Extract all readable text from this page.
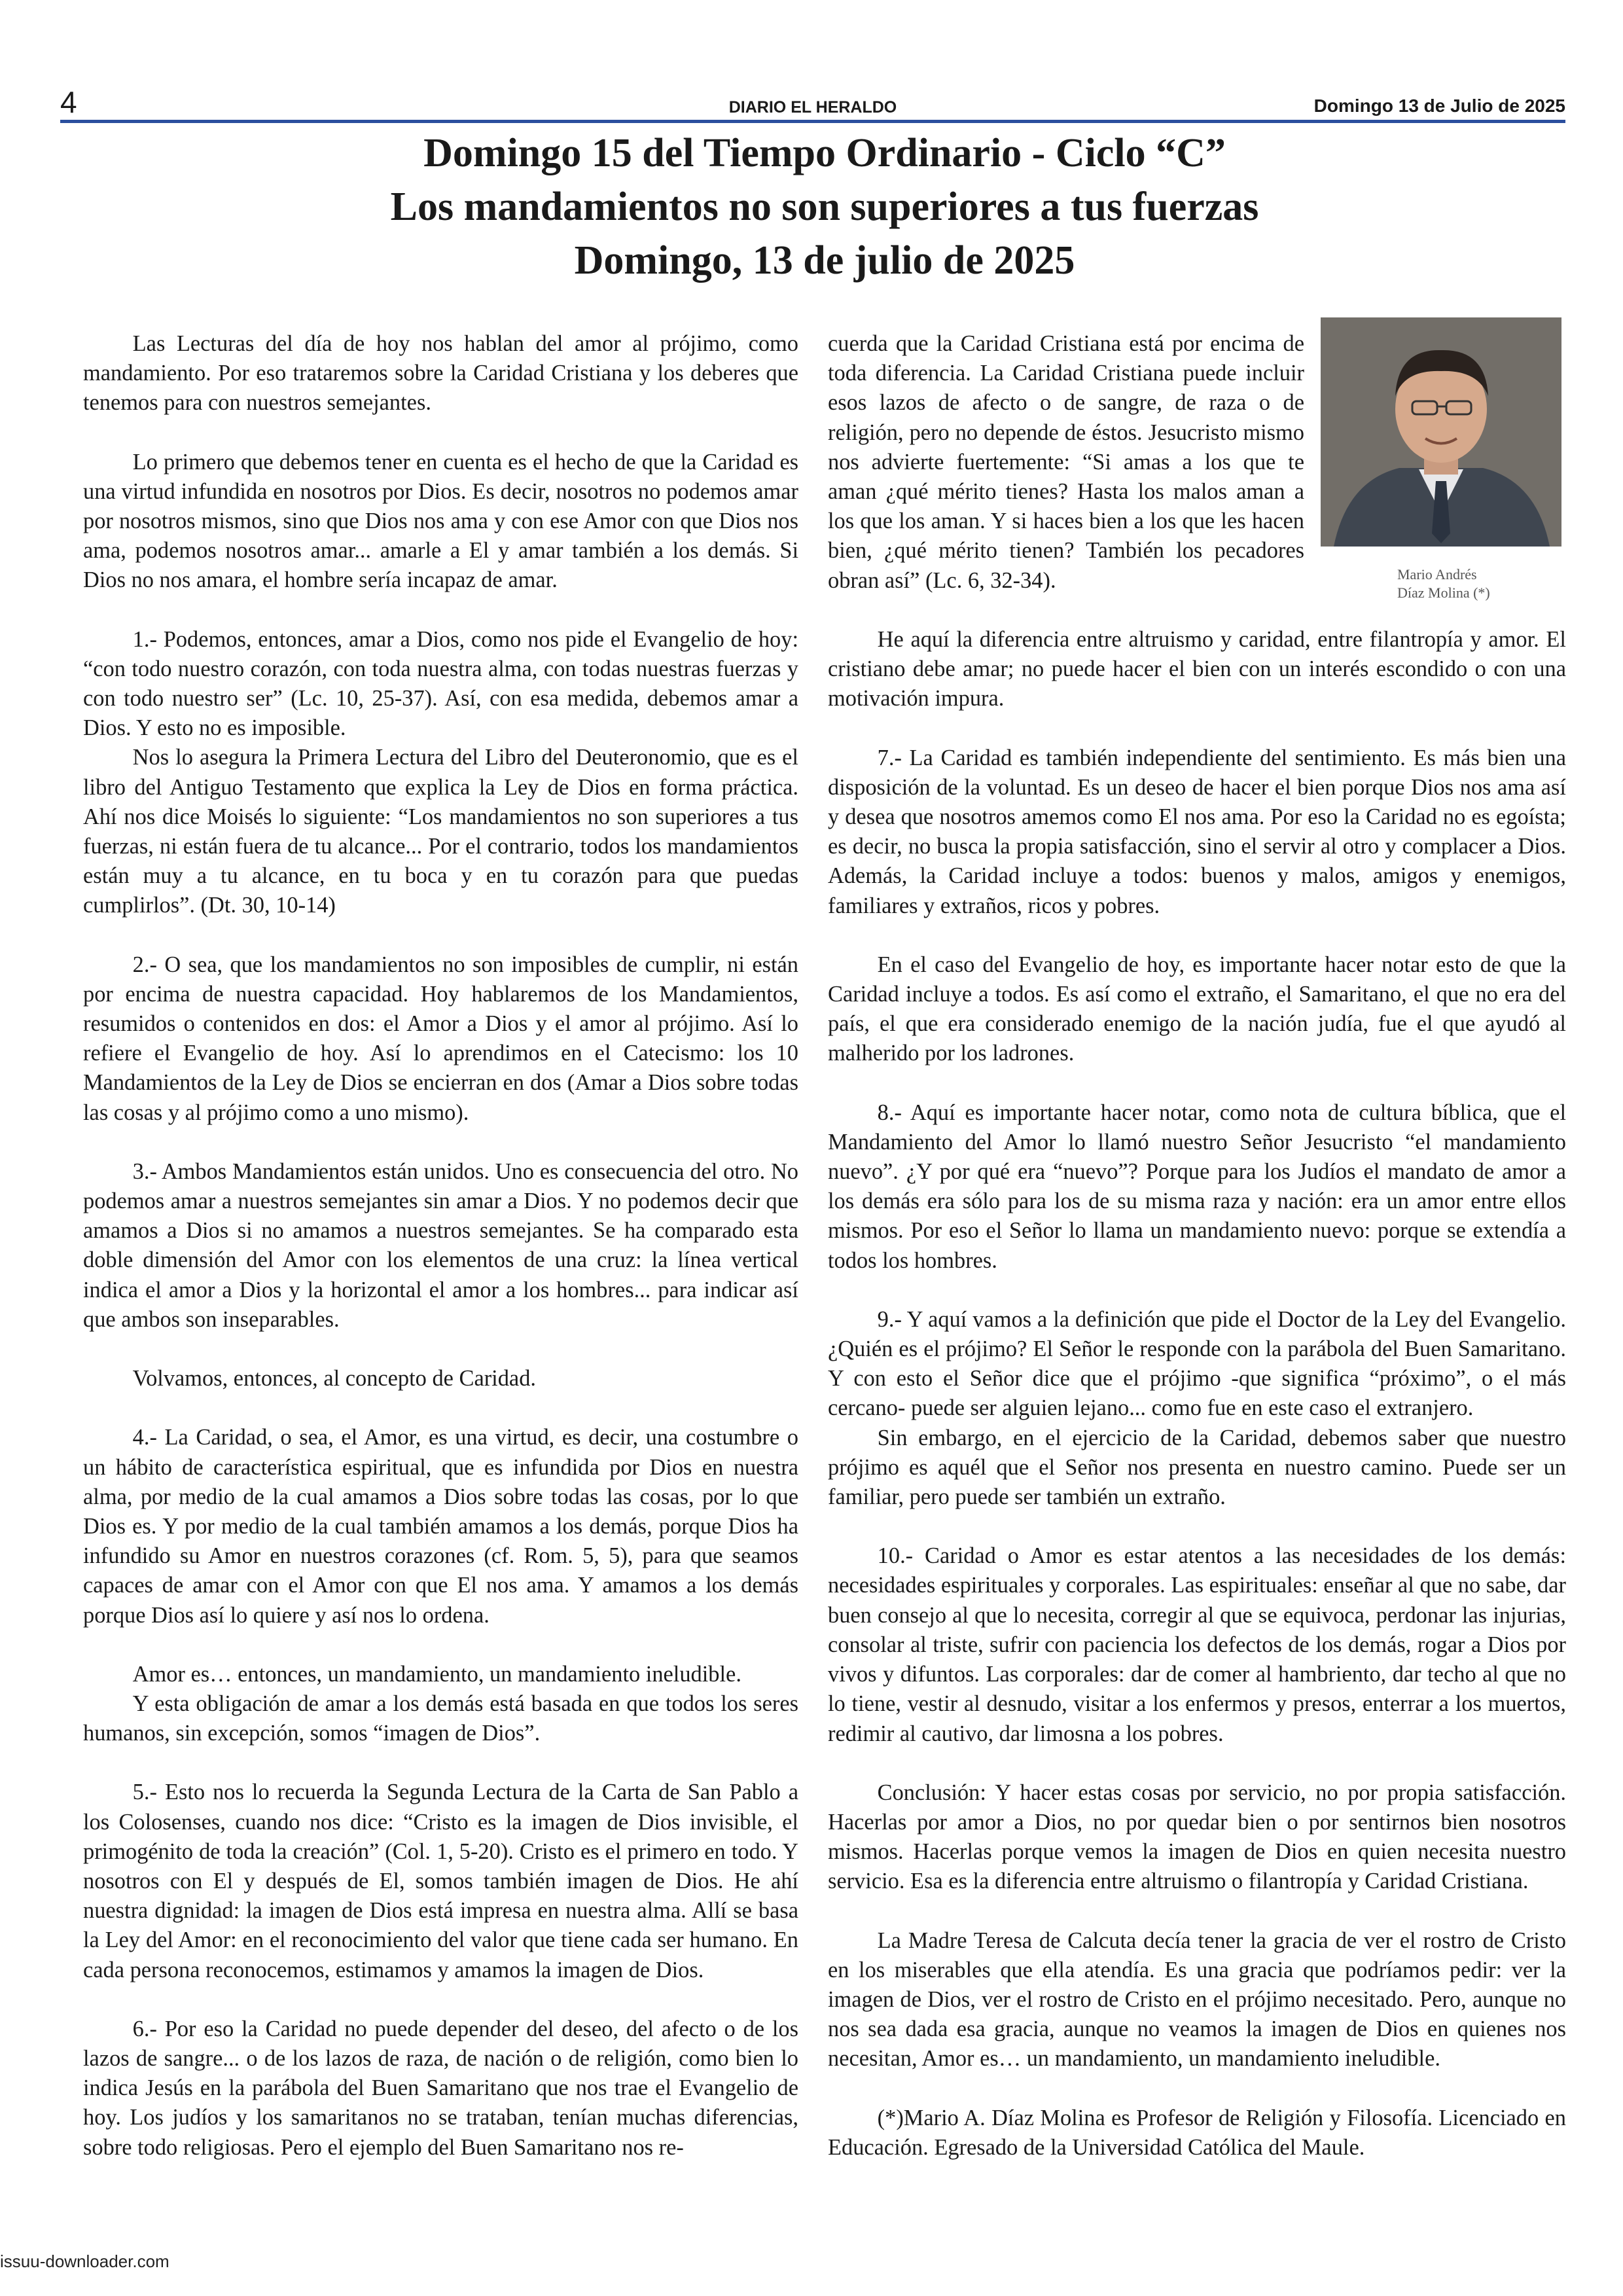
4	DIARIO EL HERALDO	Domingo 13 de Julio de 2025
Domingo 15 del Tiempo Ordinario - Ciclo “C”
Los mandamientos no son superiores a tus fuerzas
Domingo, 13 de julio de 2025

Las Lecturas del día de hoy nos hablan del amor al prójimo, como mandamiento. Por eso trataremos sobre la Caridad Cristiana y los deberes que tenemos para con nuestros semejantes.

Lo primero que debemos tener en cuenta es el hecho de que la Caridad es una virtud infundida en nosotros por Dios. Es decir, nosotros no podemos amar por nosotros mismos, sino que Dios nos ama y con ese Amor con que Dios nos ama, podemos nosotros amar... amarle a El y amar también a los demás. Si Dios no nos amara, el hombre sería incapaz de amar.

1.- Podemos, entonces, amar a Dios, como nos pide el Evangelio de hoy: “con todo nuestro corazón, con toda nuestra alma, con todas nuestras fuerzas y con todo nuestro ser” (Lc. 10, 25-37). Así, con esa medida, debemos amar a Dios. Y esto no es imposible.

Nos lo asegura la Primera Lectura del Libro del Deuteronomio, que es el libro del Antiguo Testamento que explica la Ley de Dios en forma práctica. Ahí nos dice Moisés lo siguiente: “Los mandamientos no son superiores a tus fuerzas, ni están fuera de tu alcance... Por el contrario, todos los mandamientos están muy a tu alcance, en tu boca y en tu corazón para que puedas cumplirlos”. (Dt. 30, 10-14)

2.- O sea, que los mandamientos no son imposibles de cumplir, ni están por encima de nuestra capacidad. Hoy hablaremos de los Mandamientos, resumidos o contenidos en dos: el Amor a Dios y el amor al prójimo. Así lo refiere el Evangelio de hoy. Así lo aprendimos en el Catecismo: los 10 Mandamientos de la Ley de Dios se encierran en dos (Amar a Dios sobre todas las cosas y al prójimo como a uno mismo).

3.- Ambos Mandamientos están unidos. Uno es consecuencia del otro. No podemos amar a nuestros semejantes sin amar a Dios. Y no podemos decir que amamos a Dios si no amamos a nuestros semejantes. Se ha comparado esta doble dimensión del Amor con los elementos de una cruz: la línea vertical indica el amor a Dios y la horizontal el amor a los hombres... para indicar así que ambos son inseparables.

Volvamos, entonces, al concepto de Caridad.

4.- La Caridad, o sea, el Amor, es una virtud, es decir, una costumbre o un hábito de característica espiritual, que es infundida por Dios en nuestra alma, por medio de la cual amamos a Dios sobre todas las cosas, por lo que Dios es. Y por medio de la cual también amamos a los demás, porque Dios ha infundido su Amor en nuestros corazones (cf. Rom. 5, 5), para que seamos capaces de amar con el Amor con que El nos ama. Y amamos a los demás porque Dios así lo quiere y así nos lo ordena.

Amor es… entonces, un mandamiento, un mandamiento ineludible.

Y esta obligación de amar a los demás está basada en que todos los seres humanos, sin excepción, somos “imagen de Dios”.

5.- Esto nos lo recuerda la Segunda Lectura de la Carta de San Pablo a los Colosenses, cuando nos dice: “Cristo es la imagen de Dios invisible, el primogénito de toda la creación” (Col. 1, 5-20). Cristo es el primero en todo. Y nosotros con El y después de El, somos también imagen de Dios. He ahí nuestra dignidad: la imagen de Dios está impresa en nuestra alma. Allí se basa la Ley del Amor: en el reconocimiento del valor que tiene cada ser humano. En cada persona reconocemos, estimamos y amamos la imagen de Dios.

6.- Por eso la Caridad no puede depender del deseo, del afecto o de los lazos de sangre... o de los lazos de raza, de nación o de religión, como bien lo indica Jesús en la parábola del Buen Samaritano que nos trae el Evangelio de hoy. Los judíos y los samaritanos no se trataban, tenían muchas diferencias, sobre todo religiosas. Pero el ejemplo del Buen Samaritano nos re-

cuerda que la Caridad Cristiana está por encima de toda diferencia. La Caridad Cristiana puede incluir esos lazos de afecto o de sangre, de raza o de religión, pero no depende de éstos. Jesucristo mismo nos advierte fuertemente: “Si amas a los que te aman ¿qué mérito tienes? Hasta los malos aman a los que los aman. Y si haces bien a los que les hacen bien, ¿qué mérito tienen? También los pecadores obran así” (Lc. 6, 32-34).	Mario Andrés
Díaz Molina (*)

He aquí la diferencia entre altruismo y caridad, entre filantropía y amor. El cristiano debe amar; no puede hacer el bien con un interés escondido o con una motivación impura.

7.- La Caridad es también independiente del sentimiento. Es más bien una disposición de la voluntad. Es un deseo de hacer el bien porque Dios nos ama así y desea que nosotros amemos como El nos ama. Por eso la Caridad no es egoísta; es decir, no busca la propia satisfacción, sino el servir al otro y complacer a Dios. Además, la Caridad incluye a todos: buenos y malos, amigos y enemigos, familiares y extraños, ricos y pobres.

En el caso del Evangelio de hoy, es importante hacer notar esto de que la Caridad incluye a todos. Es así como el extraño, el Samaritano, el que no era del país, el que era considerado enemigo de la nación judía, fue el que ayudó al malherido por los ladrones.

8.- Aquí es importante hacer notar, como nota de cultura bíblica, que el Mandamiento del Amor lo llamó nuestro Señor Jesucristo “el mandamiento nuevo”. ¿Y por qué era “nuevo”? Porque para los Judíos el mandato de amor a los demás era sólo para los de su misma raza y nación: era un amor entre ellos mismos. Por eso el Señor lo llama un mandamiento nuevo: porque se extendía a todos los hombres.

9.- Y aquí vamos a la definición que pide el Doctor de la Ley del Evangelio. ¿Quién es el prójimo? El Señor le responde con la parábola del Buen Samaritano. Y con esto el Señor dice que el prójimo -que significa “próximo”, o el más cercano- puede ser alguien lejano... como fue en este caso el extranjero.

Sin embargo, en el ejercicio de la Caridad, debemos saber que nuestro prójimo es aquél que el Señor nos presenta en nuestro camino. Puede ser un familiar, pero puede ser también un extraño.

10.- Caridad o Amor es estar atentos a las necesidades de los demás: necesidades espirituales y corporales. Las espirituales: enseñar al que no sabe, dar buen consejo al que lo necesita, corregir al que se equivoca, perdonar las injurias, consolar al triste, sufrir con paciencia los defectos de los demás, rogar a Dios por vivos y difuntos. Las corporales: dar de comer al hambriento, dar techo al que no lo tiene, vestir al desnudo, visitar a los enfermos y presos, enterrar a los muertos, redimir al cautivo, dar limosna a los pobres.

Conclusión: Y hacer estas cosas por servicio, no por propia satisfacción. Hacerlas por amor a Dios, no por quedar bien o por sentirnos bien nosotros mismos. Hacerlas porque vemos la imagen de Dios en quien necesita nuestro servicio. Esa es la diferencia entre altruismo o filantropía y Caridad Cristiana.

La Madre Teresa de Calcuta decía tener la gracia de ver el rostro de Cristo en los miserables que ella atendía. Es una gracia que podríamos pedir: ver la imagen de Dios, ver el rostro de Cristo en el prójimo necesitado. Pero, aunque no nos sea dada esa gracia, aunque no veamos la imagen de Dios en quienes nos necesitan, Amor es… un mandamiento, un mandamiento ineludible.

(*)Mario A. Díaz Molina es Profesor de Religión y Filosofía. Licenciado en Educación. Egresado de la Universidad Católica del Maule.

issuu-downloader.com
